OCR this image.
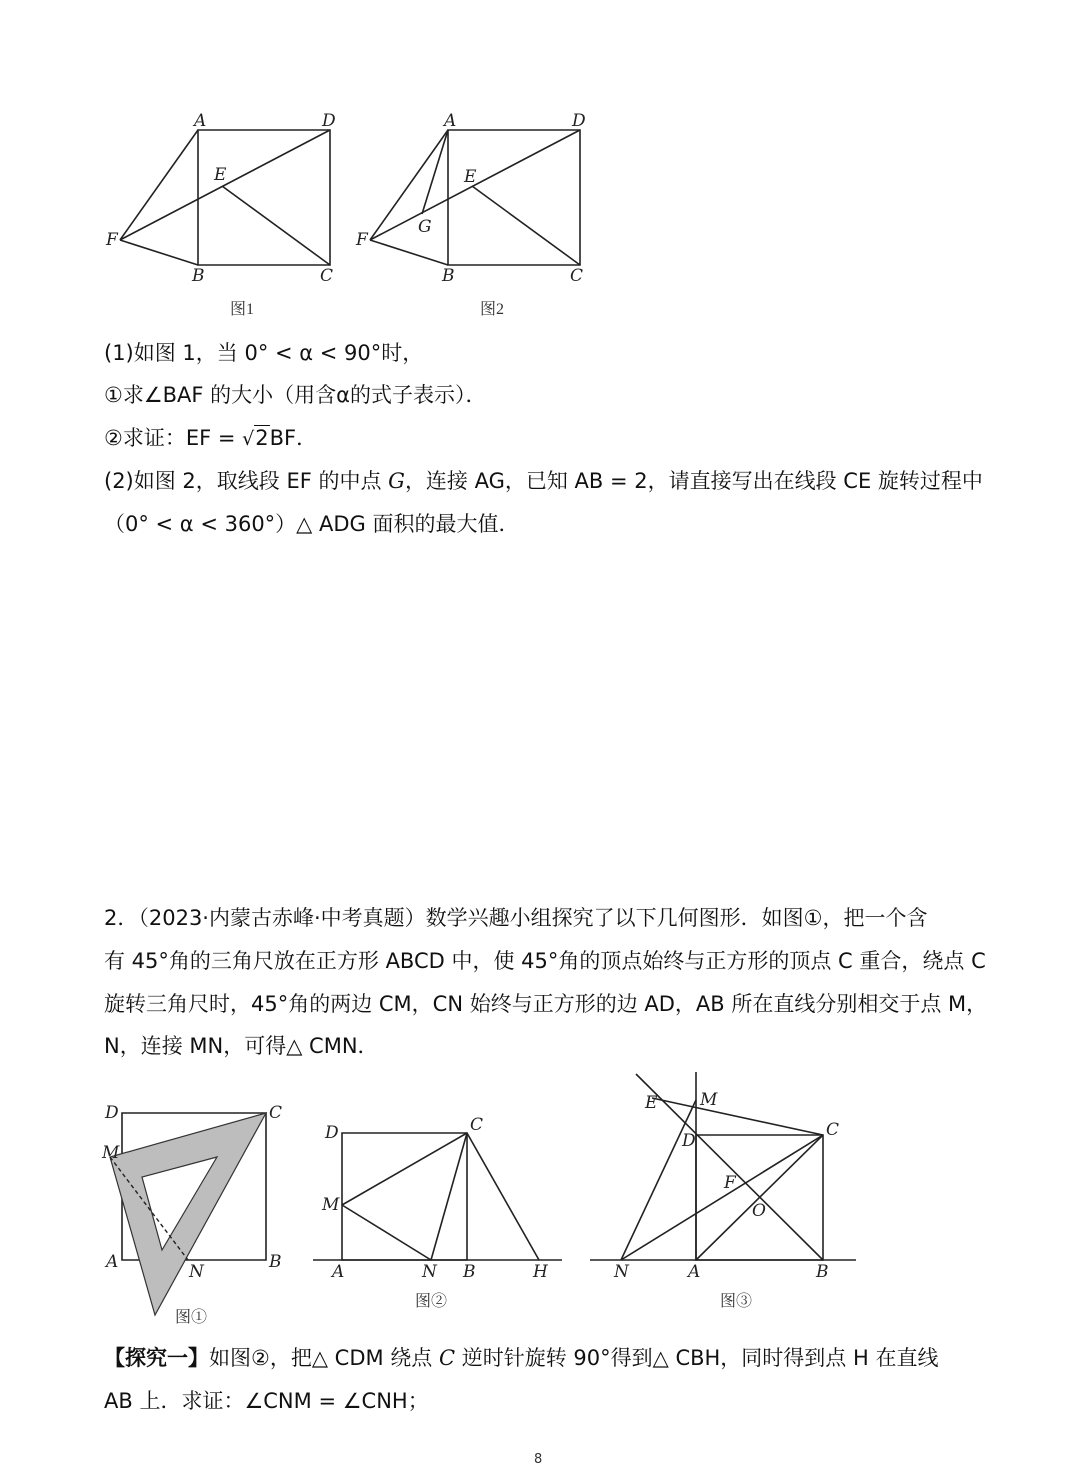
A	D
E
F
B	C
图1
A	D
E
F
G
B	C
图2
(1)如图 1，当 0° < α < 90°时，
①求∠BAF 的大小（用含α的式子表示）．
②求证：EF = √2BF．
(2)如图 2，取线段 EF 的中点 G，连接 AG，已知 AB = 2，请直接写出在线段 CE 旋转过程中
（0° < α < 360°）△ ADG 面积的最大值．
2．（2023·内蒙古赤峰·中考真题）数学兴趣小组探究了以下几何图形．如图①，把一个含
有 45°角的三角尺放在正方形 ABCD 中，使 45°角的顶点始终与正方形的顶点 C 重合，绕点 C
旋转三角尺时，45°角的两边 CM，CN 始终与正方形的边 AD，AB 所在直线分别相交于点 M，
N，连接 MN，可得△ CMN．
D	C
M
A	N	B
图①
D	C
M
A	N B	H
图②
E	M
D
C
F
O
N	A	B
图③
【探究一】如图②，把△ CDM 绕点 C 逆时针旋转 90°得到△ CBH，同时得到点 H 在直线
AB 上．求证：∠CNM = ∠CNH；
8
